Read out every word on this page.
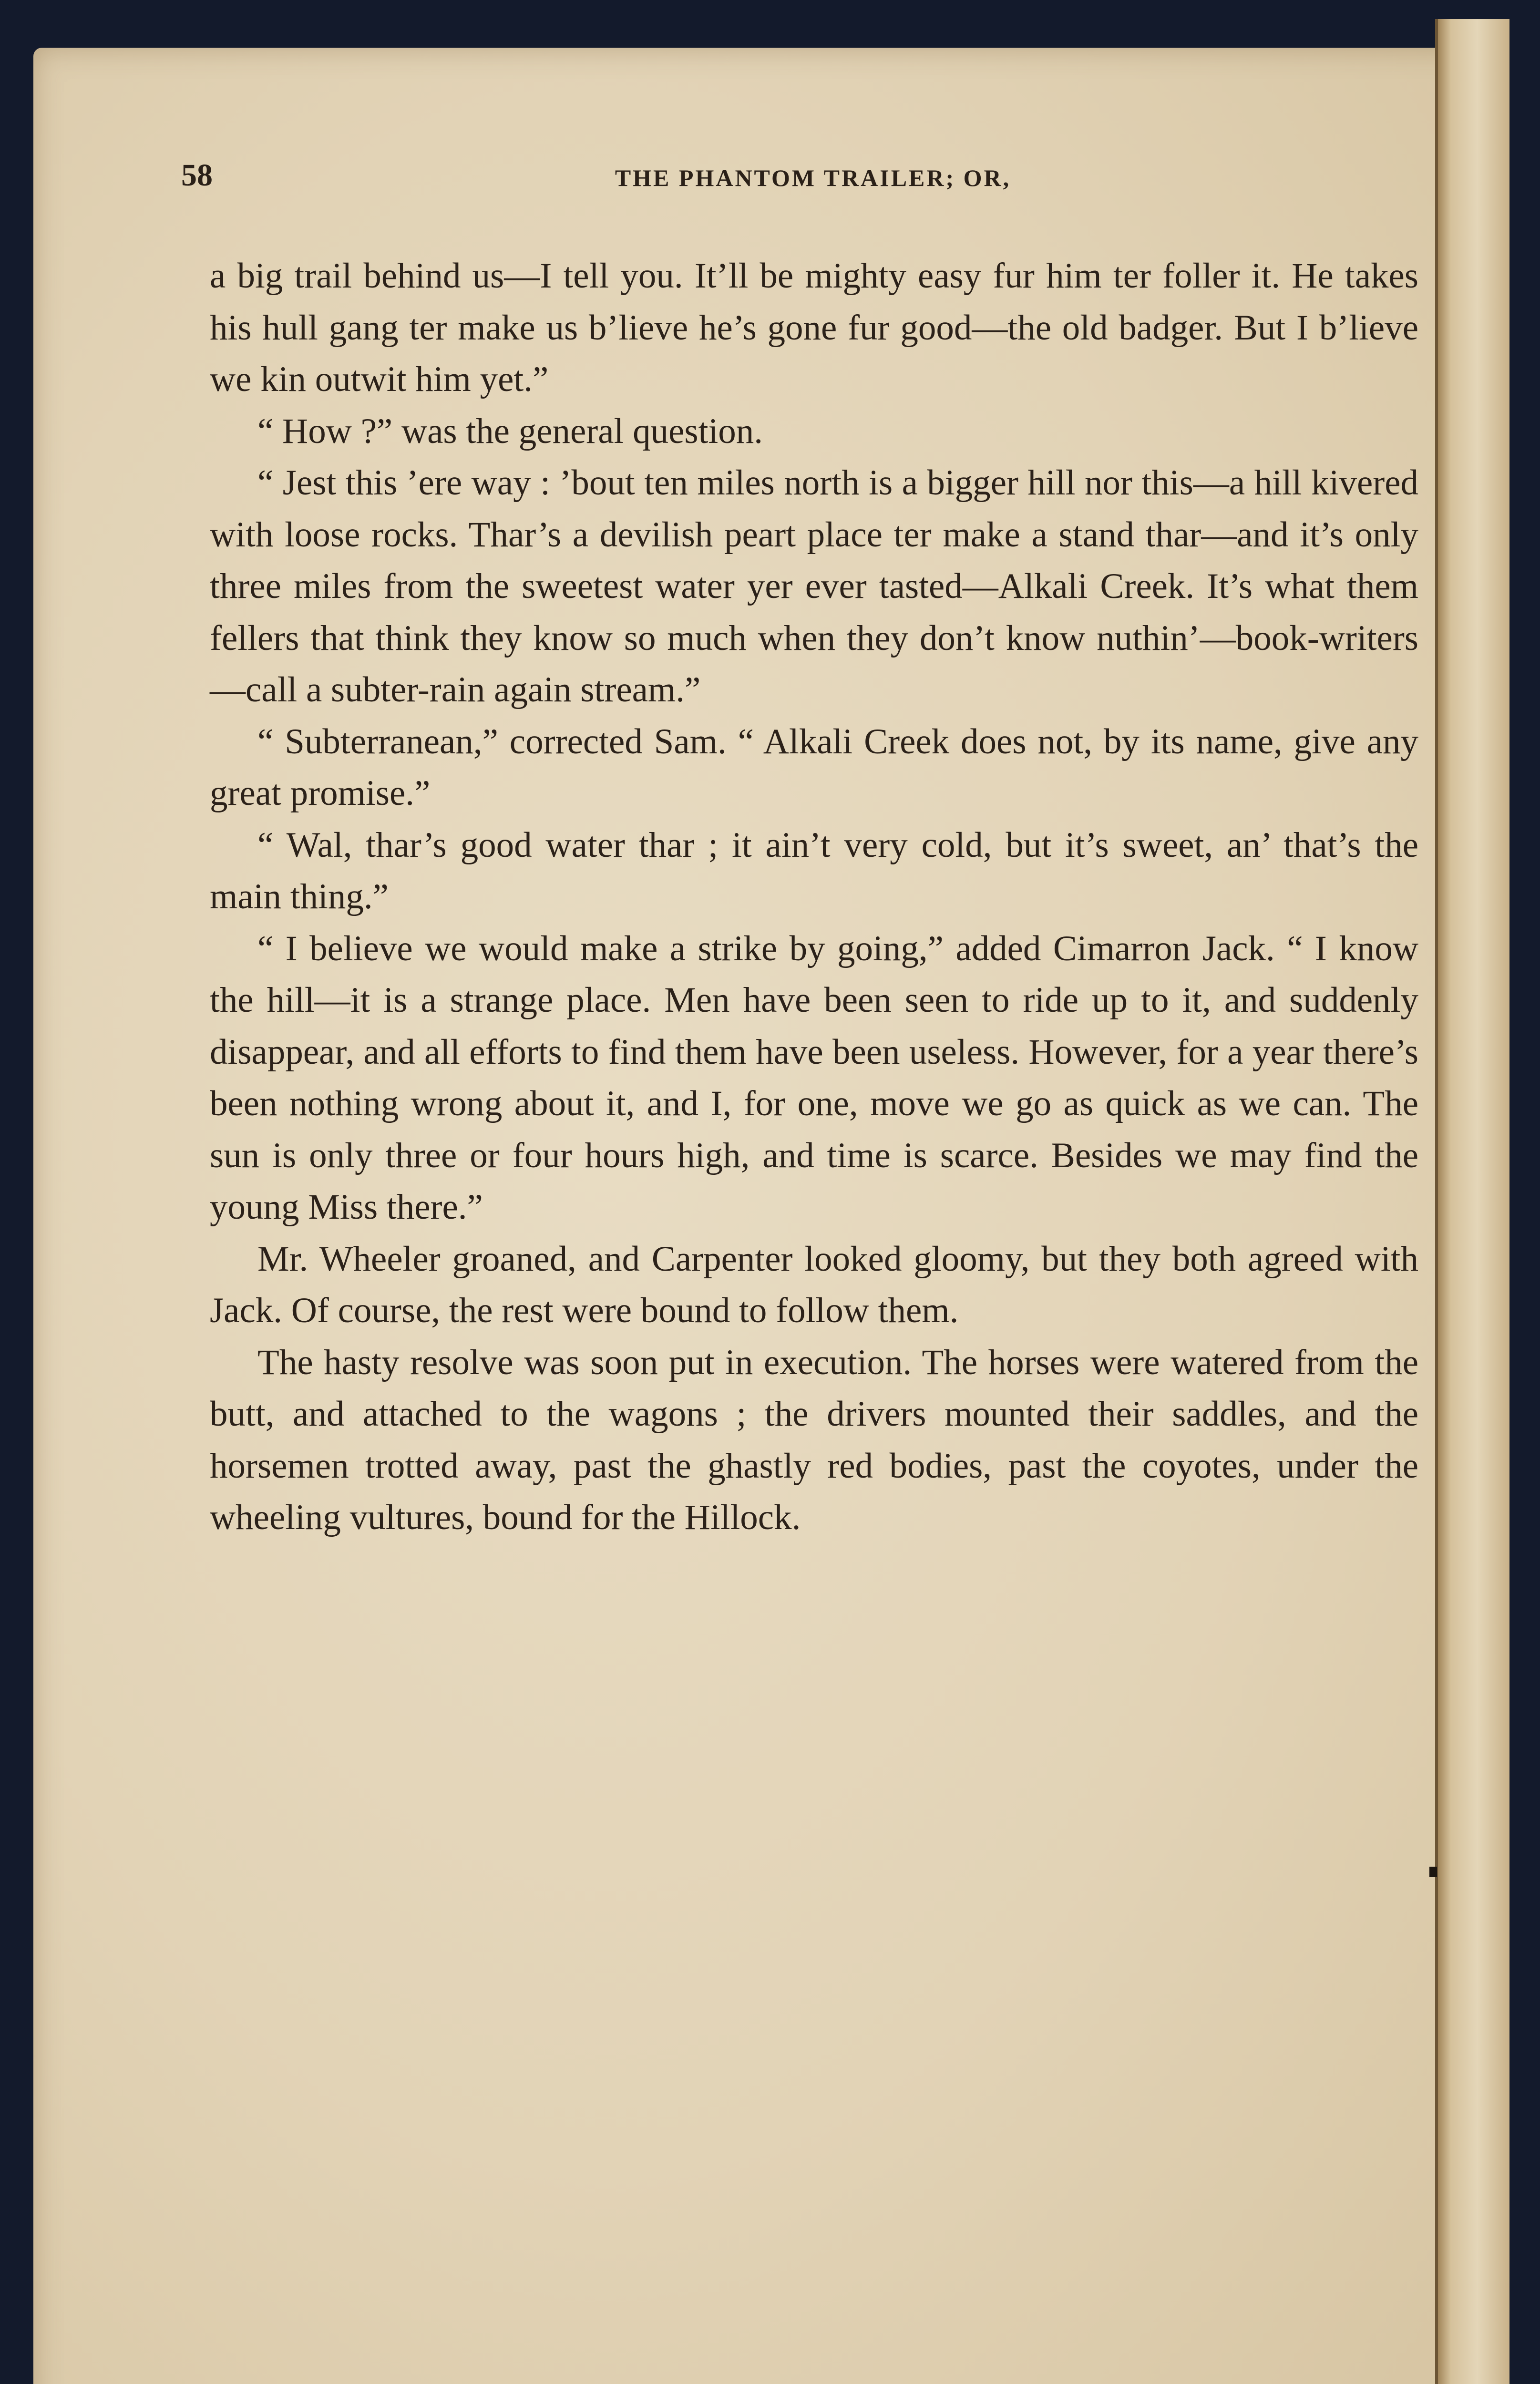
58	THE PHANTOM TRAILER; OR,

a big trail behind us—I tell you. It’ll be mighty easy fur him ter foller it. He takes his hull gang ter make us b’lieve he’s gone fur good—the old badger. But I b’lieve we kin outwit him yet.”

“ How ?” was the general question.

“ Jest this ’ere way : ’bout ten miles north is a bigger hill nor this—a hill kivered with loose rocks. Thar’s a devilish peart place ter make a stand thar—and it’s only three miles from the sweetest water yer ever tasted—Alkali Creek. It’s what them fellers that think they know so much when they don’t know nuthin’—book-writers—call a subter-rain again stream.”

“ Subterranean,” corrected Sam. “ Alkali Creek does not, by its name, give any great promise.”

“ Wal, thar’s good water thar ; it ain’t very cold, but it’s sweet, an’ that’s the main thing.”

“ I believe we would make a strike by going,” added Cimarron Jack. “ I know the hill—it is a strange place. Men have been seen to ride up to it, and suddenly disappear, and all efforts to find them have been useless. However, for a year there’s been nothing wrong about it, and I, for one, move we go as quick as we can. The sun is only three or four hours high, and time is scarce. Besides we may find the young Miss there.”

Mr. Wheeler groaned, and Carpenter looked gloomy, but they both agreed with Jack. Of course, the rest were bound to follow them.

The hasty resolve was soon put in execution. The horses were watered from the butt, and attached to the wagons ; the drivers mounted their saddles, and the horsemen trotted away, past the ghastly red bodies, past the coyotes, under the wheeling vultures, bound for the Hillock.
